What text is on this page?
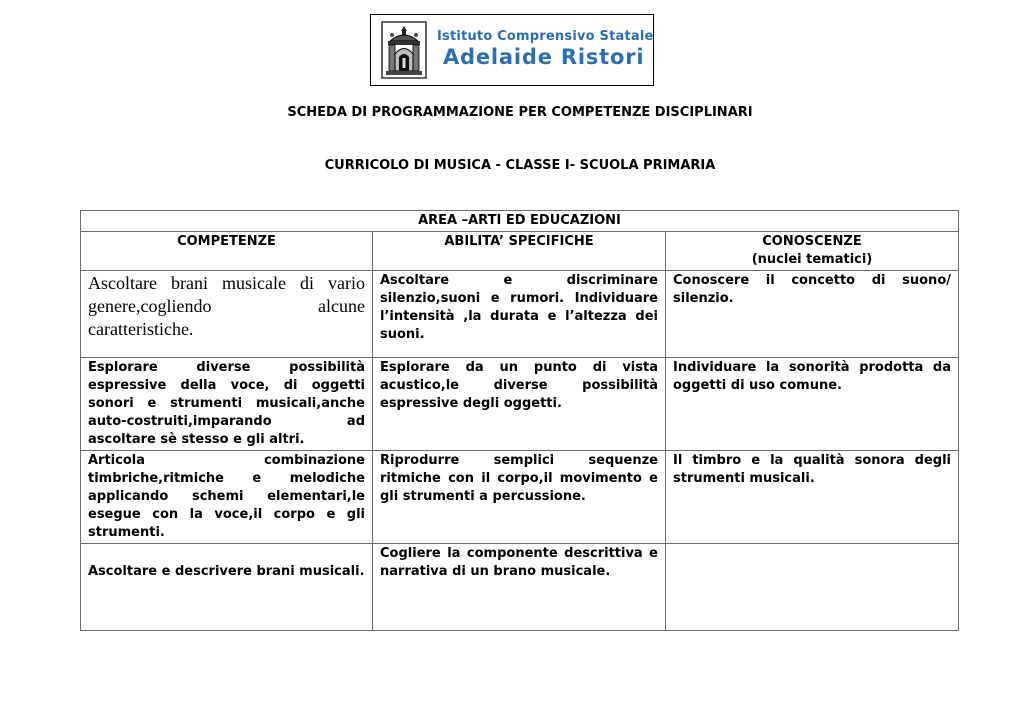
Istituto Comprensivo Statale
Adelaide Ristori
SCHEDA DI PROGRAMMAZIONE PER COMPETENZE DISCIPLINARI
CURRICOLO DI MUSICA - CLASSE I- SCUOLA PRIMARIA
AREA –ARTI ED EDUCAZIONI		
COMPETENZE	ABILITA’ SPECIFICHE	CONOSCENZE
(nuclei tematici)

Ascoltare brani musicale di vario genere,cogliendo alcune caratteristiche.	Ascoltare e discriminare silenzio,suoni e rumori. Individuare l’intensità ,la durata e l’altezza dei suoni.	Conoscere il concetto di suono/ silenzio.
Esplorare diverse possibilità espressive della voce, di oggetti sonori e strumenti musicali,anche auto-costruiti,imparando ad ascoltare sè stesso e gli altri.	Esplorare da un punto di vista acustico,le diverse possibilità espressive degli oggetti.	Individuare la sonorità prodotta da oggetti di uso comune.
Articola combinazione timbriche,ritmiche e melodiche applicando schemi elementari,le esegue con la voce,il corpo e gli strumenti.	Riprodurre semplici sequenze ritmiche con il corpo,il movimento e gli strumenti a percussione.	Il timbro e la qualità sonora degli strumenti musicali.

Ascoltare e descrivere brani musicali.	Cogliere la componente descrittiva e narrativa di un brano musicale.	
